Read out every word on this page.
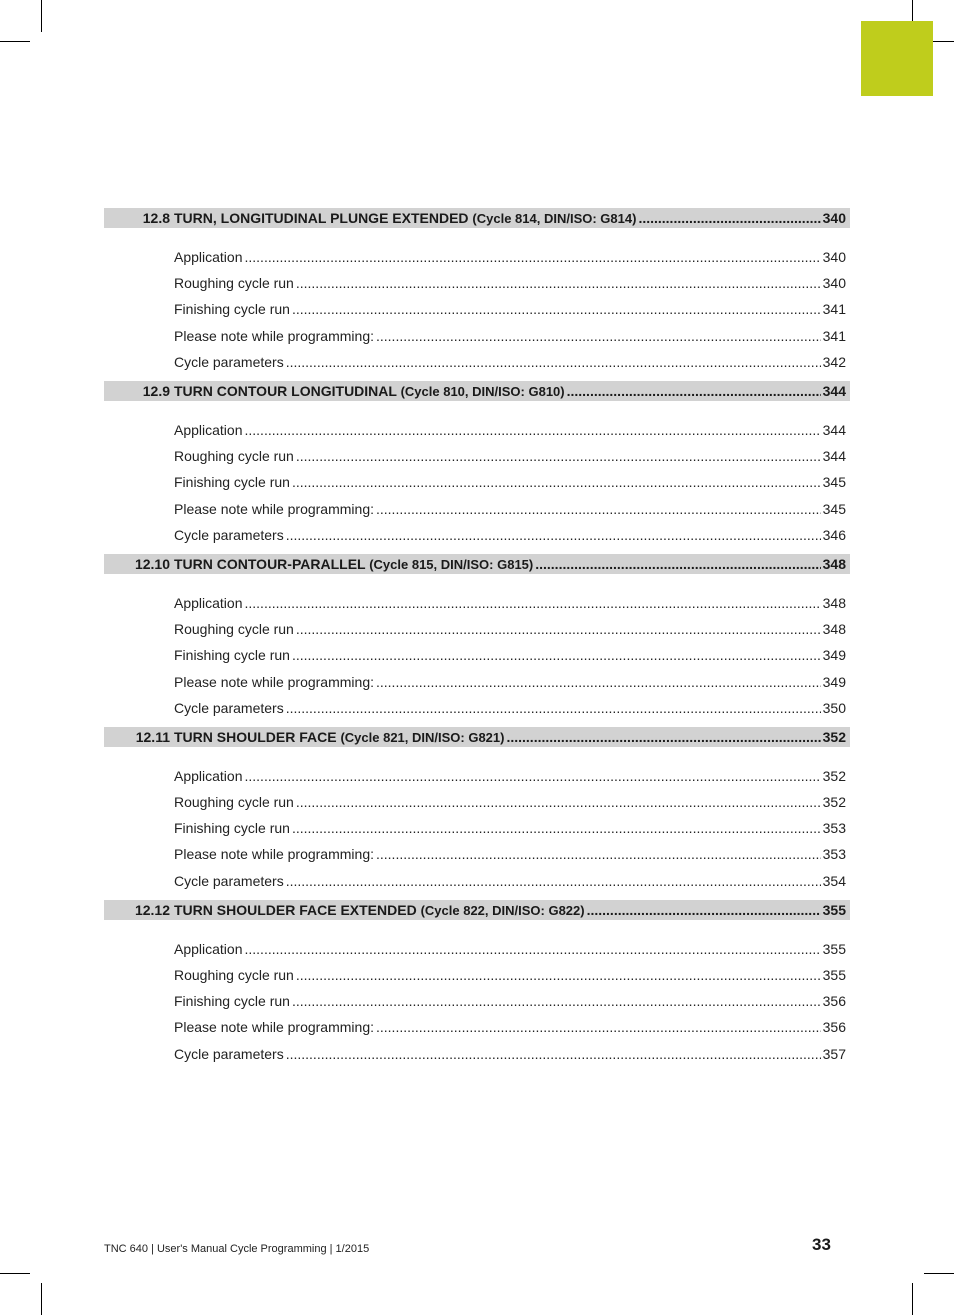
12.8 TURN, LONGITUDINAL PLUNGE EXTENDED (Cycle 814, DIN/ISO: G814) .....	340
Application .....	340
Roughing cycle run .....	340
Finishing cycle run .....	341
Please note while programming: .....	341
Cycle parameters .....	342
12.9 TURN CONTOUR LONGITUDINAL (Cycle 810, DIN/ISO: G810) .....	344
Application .....	344
Roughing cycle run .....	344
Finishing cycle run .....	345
Please note while programming: .....	345
Cycle parameters .....	346
12.10 TURN CONTOUR-PARALLEL (Cycle 815, DIN/ISO: G815) .....	348
Application .....	348
Roughing cycle run .....	348
Finishing cycle run .....	349
Please note while programming: .....	349
Cycle parameters .....	350
12.11 TURN SHOULDER FACE (Cycle 821, DIN/ISO: G821) .....	352
Application .....	352
Roughing cycle run .....	352
Finishing cycle run .....	353
Please note while programming: .....	353
Cycle parameters .....	354
12.12 TURN SHOULDER FACE EXTENDED (Cycle 822, DIN/ISO: G822) .....	355
Application .....	355
Roughing cycle run .....	355
Finishing cycle run .....	356
Please note while programming: .....	356
Cycle parameters .....	357
TNC 640 | User's Manual Cycle Programming | 1/2015	33
